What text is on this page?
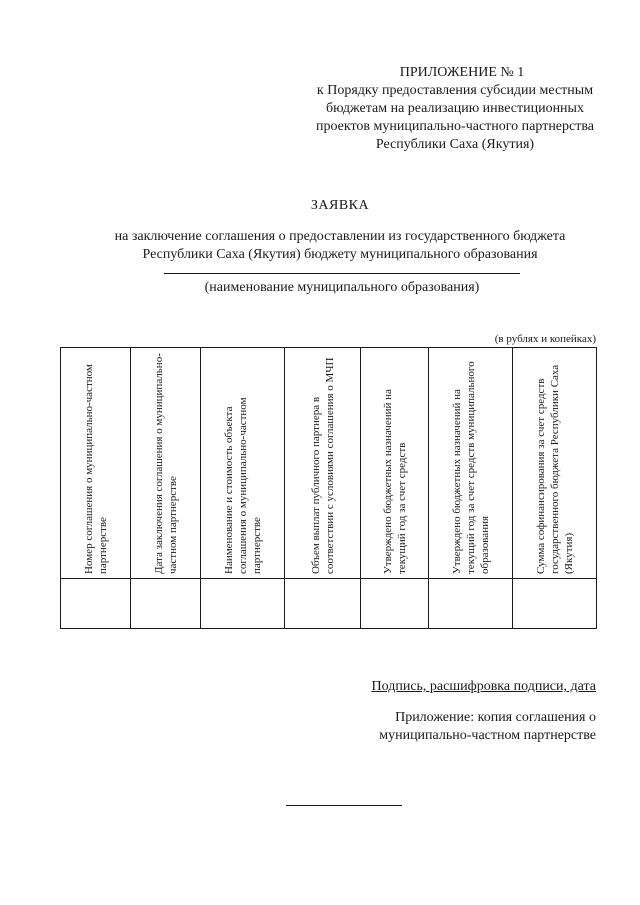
ПРИЛОЖЕНИЕ № 1
к Порядку предоставления субсидии местным
бюджетам на реализацию инвестиционных
проектов муниципально-частного партнерства
Республики Саха (Якутия)
ЗАЯВКА
на заключение соглашения о предоставлении из государственного бюджета
Республики Саха (Якутия) бюджету муниципального образования
(наименование муниципального образования)
(в рублях и копейках)
Номер соглашения о муниципально-частном партнерстве	Дата заключения соглашения о муниципально-частном партнерстве	Наименование и стоимость объекта соглашения о муниципально-частном партнерстве	Объем выплат публичного партнера в соответствии с условиями соглашения о МЧП	Утверждено бюджетных назначений на текущий год за счет средств	Утверждено бюджетных назначений на текущий год за счет средств муниципального образования	Сумма софинансирования за счет средств государственного бюджета Республики Саха (Якутия)

Подпись, расшифровка подписи, дата
Приложение: копия соглашения о
муниципально-частном партнерстве
